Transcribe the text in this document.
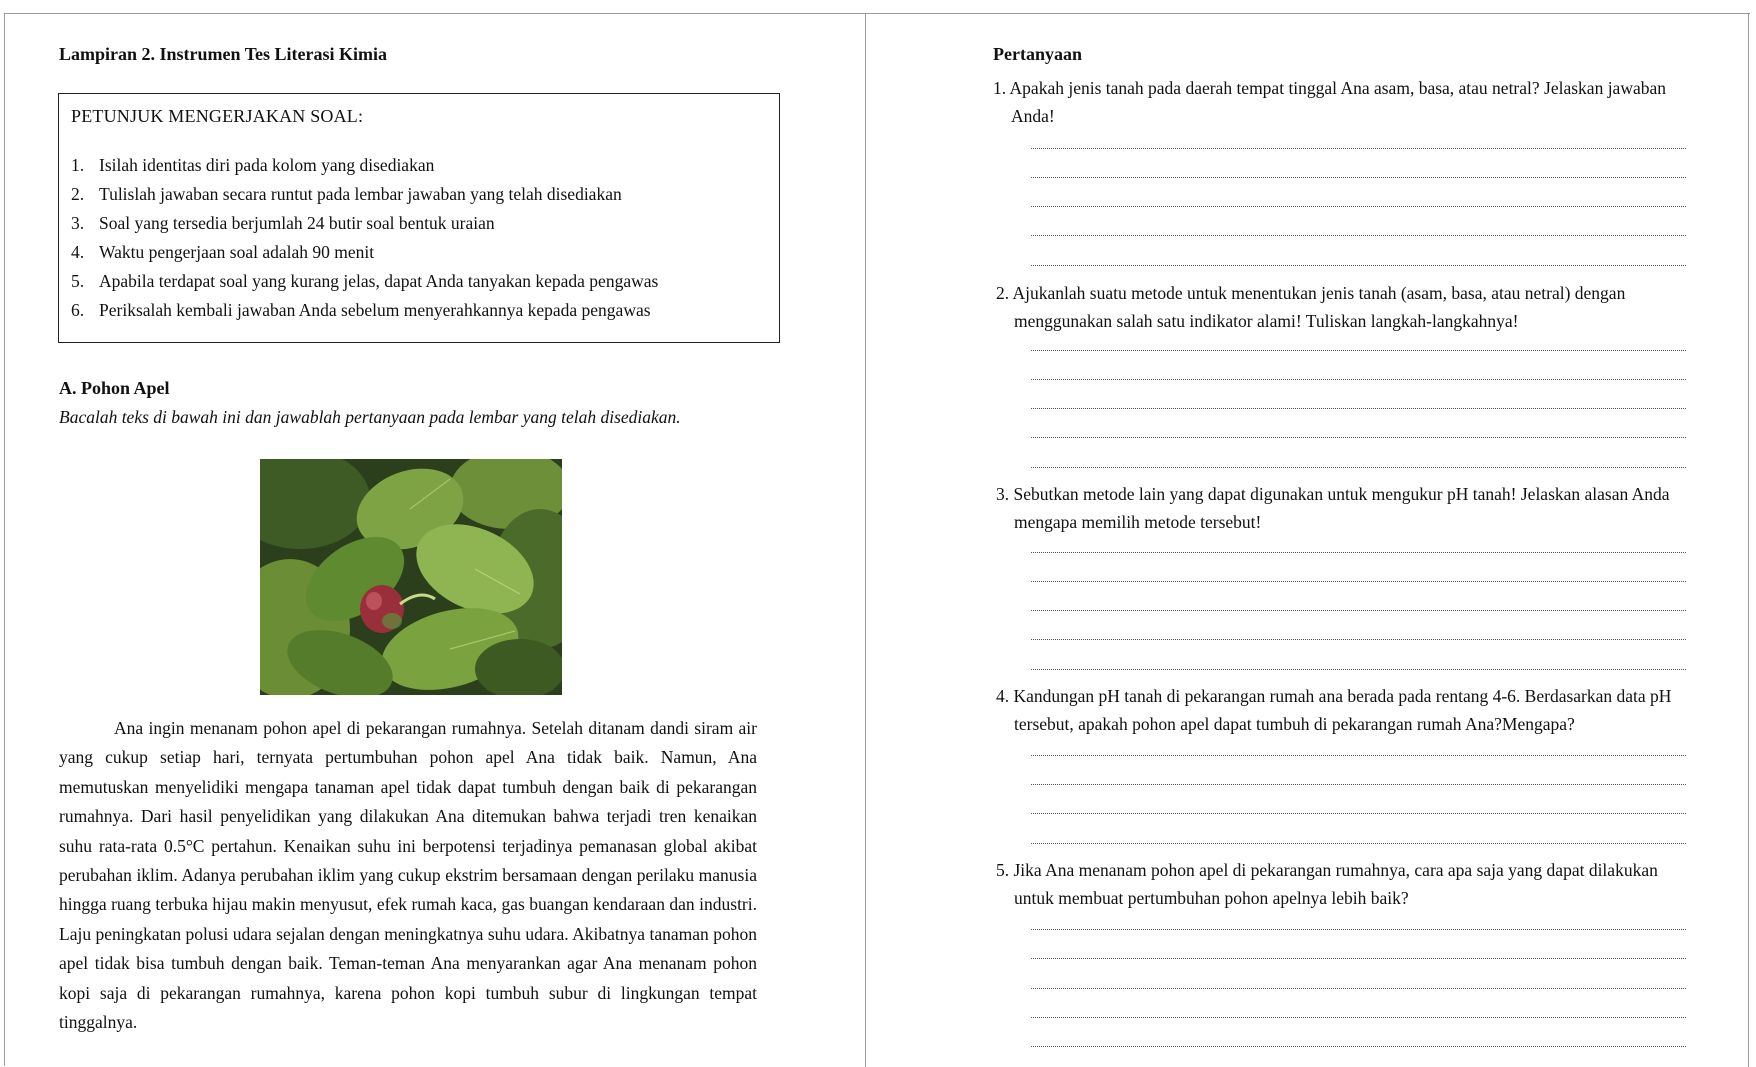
Lampiran 2. Instrumen Tes Literasi Kimia

PETUNJUK MENGERJAKAN SOAL:

1. Isilah identitas diri pada kolom yang disediakan
2. Tulislah jawaban secara runtut pada lembar jawaban yang telah disediakan
3. Soal yang tersedia berjumlah 24 butir soal bentuk uraian
4. Waktu pengerjaan soal adalah 90 menit
5. Apabila terdapat soal yang kurang jelas, dapat Anda tanyakan kepada pengawas
6. Periksalah kembali jawaban Anda sebelum menyerahkannya kepada pengawas

A. Pohon Apel

Bacalah teks di bawah ini dan jawablah pertanyaan pada lembar yang telah disediakan.

Ana ingin menanam pohon apel di pekarangan rumahnya. Setelah ditanam dandi siram air yang cukup setiap hari, ternyata pertumbuhan pohon apel Ana tidak baik. Namun, Ana memutuskan menyelidiki mengapa tanaman apel tidak dapat tumbuh dengan baik di pekarangan rumahnya. Dari hasil penyelidikan yang dilakukan Ana ditemukan bahwa terjadi tren kenaikan suhu rata-rata 0.5°C pertahun. Kenaikan suhu ini berpotensi terjadinya pemanasan global akibat perubahan iklim. Adanya perubahan iklim yang cukup ekstrim bersamaan dengan perilaku manusia hingga ruang terbuka hijau makin menyusut, efek rumah kaca, gas buangan kendaraan dan industri. Laju peningkatan polusi udara sejalan dengan meningkatnya suhu udara. Akibatnya tanaman pohon apel tidak bisa tumbuh dengan baik. Teman-teman Ana menyarankan agar Ana menanam pohon kopi saja di pekarangan rumahnya, karena pohon kopi tumbuh subur di lingkungan tempat tinggalnya.

Pertanyaan

1. Apakah jenis tanah pada daerah tempat tinggal Ana asam, basa, atau netral? Jelaskan jawaban Anda!

2. Ajukanlah suatu metode untuk menentukan jenis tanah (asam, basa, atau netral) dengan menggunakan salah satu indikator alami! Tuliskan langkah-langkahnya!

3. Sebutkan metode lain yang dapat digunakan untuk mengukur pH tanah! Jelaskan alasan Anda mengapa memilih metode tersebut!

4. Kandungan pH tanah di pekarangan rumah ana berada pada rentang 4-6. Berdasarkan data pH tersebut, apakah pohon apel dapat tumbuh di pekarangan rumah Ana?Mengapa?

5. Jika Ana menanam pohon apel di pekarangan rumahnya, cara apa saja yang dapat dilakukan untuk membuat pertumbuhan pohon apelnya lebih baik?
